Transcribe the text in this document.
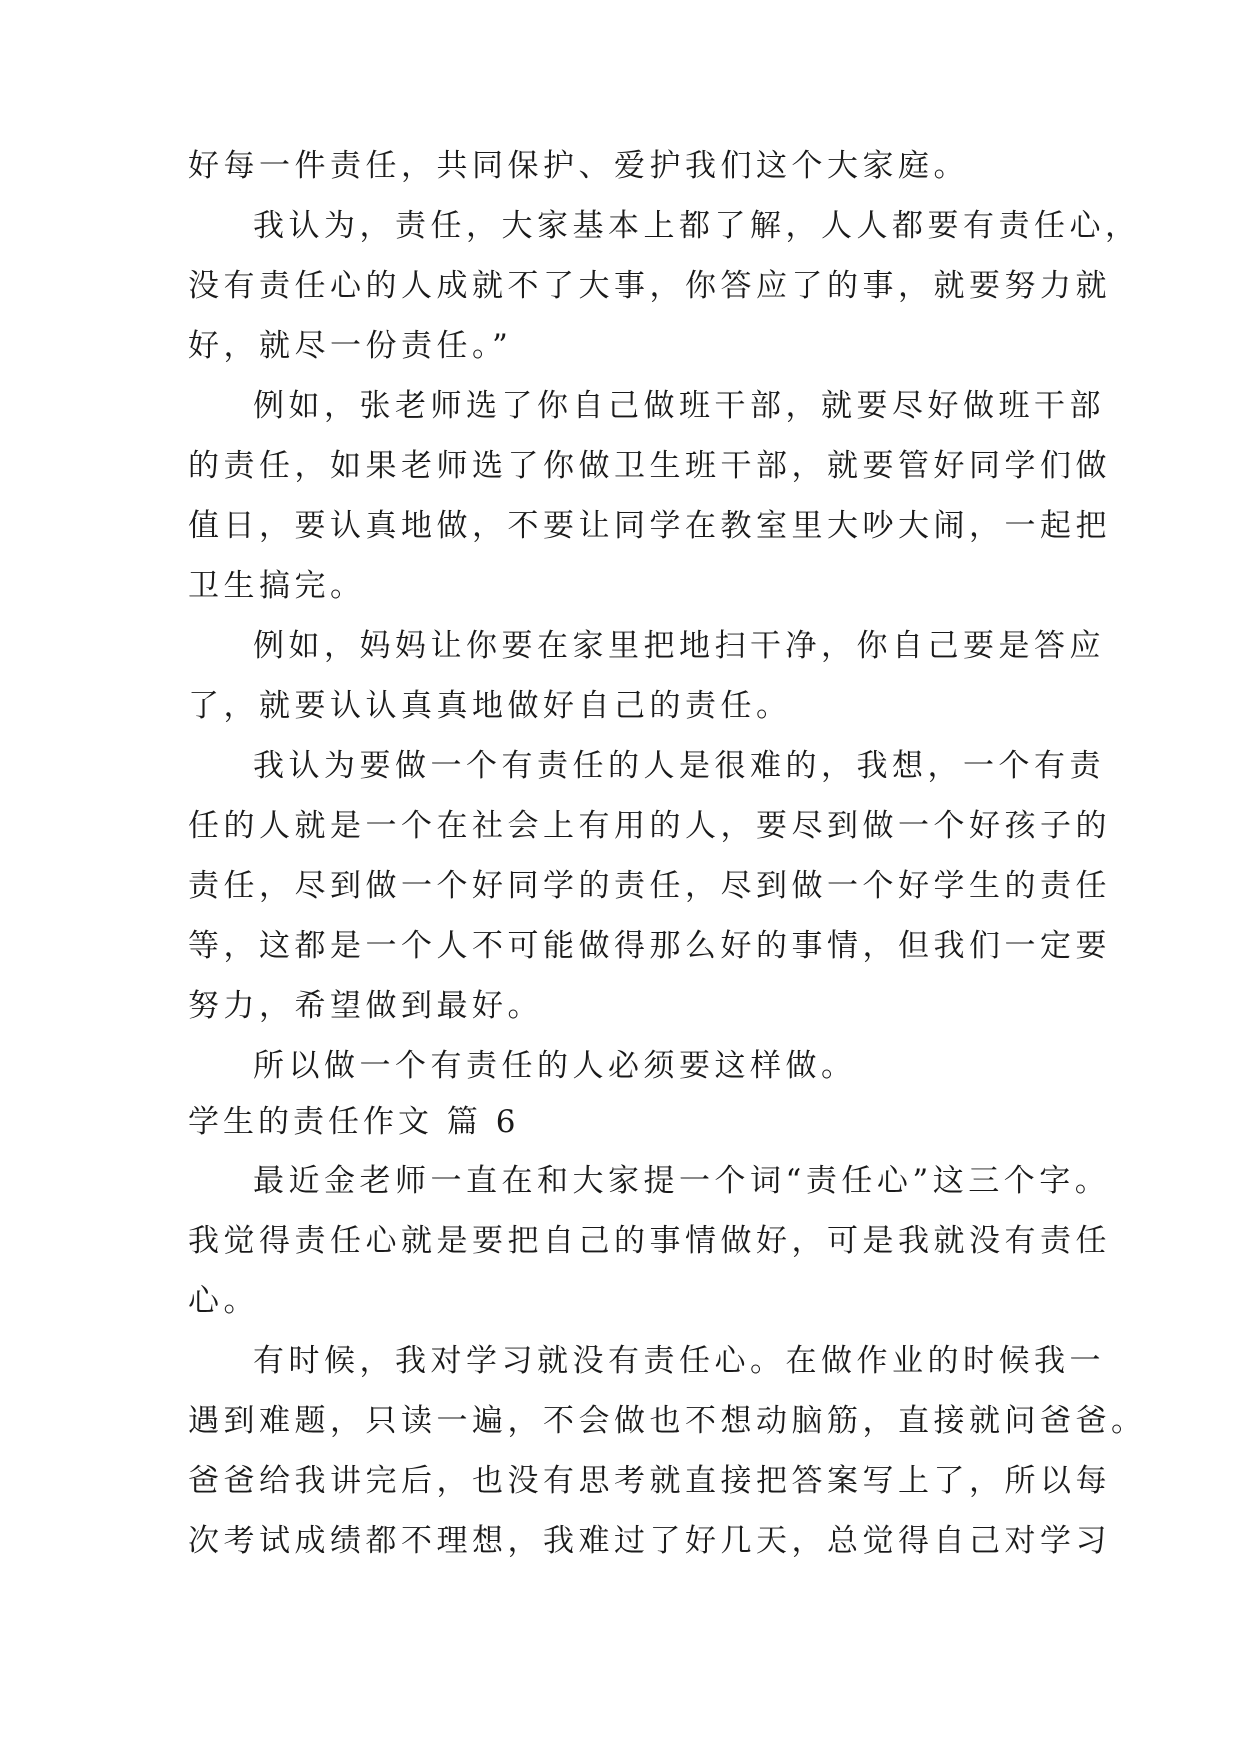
好每一件责任，共同保护、爱护我们这个大家庭。
我认为，责任，大家基本上都了解，人人都要有责任心，
没有责任心的人成就不了大事，你答应了的事，就要努力就
好，就尽一份责任。”
例如，张老师选了你自己做班干部，就要尽好做班干部
的责任，如果老师选了你做卫生班干部，就要管好同学们做
值日，要认真地做，不要让同学在教室里大吵大闹，一起把
卫生搞完。
例如，妈妈让你要在家里把地扫干净，你自己要是答应
了，就要认认真真地做好自己的责任。
我认为要做一个有责任的人是很难的，我想，一个有责
任的人就是一个在社会上有用的人，要尽到做一个好孩子的
责任，尽到做一个好同学的责任，尽到做一个好学生的责任
等，这都是一个人不可能做得那么好的事情，但我们一定要
努力，希望做到最好。
所以做一个有责任的人必须要这样做。
学生的责任作文 篇 6
最近金老师一直在和大家提一个词“责任心”这三个字。
我觉得责任心就是要把自己的事情做好，可是我就没有责任
心。
有时候，我对学习就没有责任心。在做作业的时候我一
遇到难题，只读一遍，不会做也不想动脑筋，直接就问爸爸。
爸爸给我讲完后，也没有思考就直接把答案写上了，所以每
次考试成绩都不理想，我难过了好几天，总觉得自己对学习
